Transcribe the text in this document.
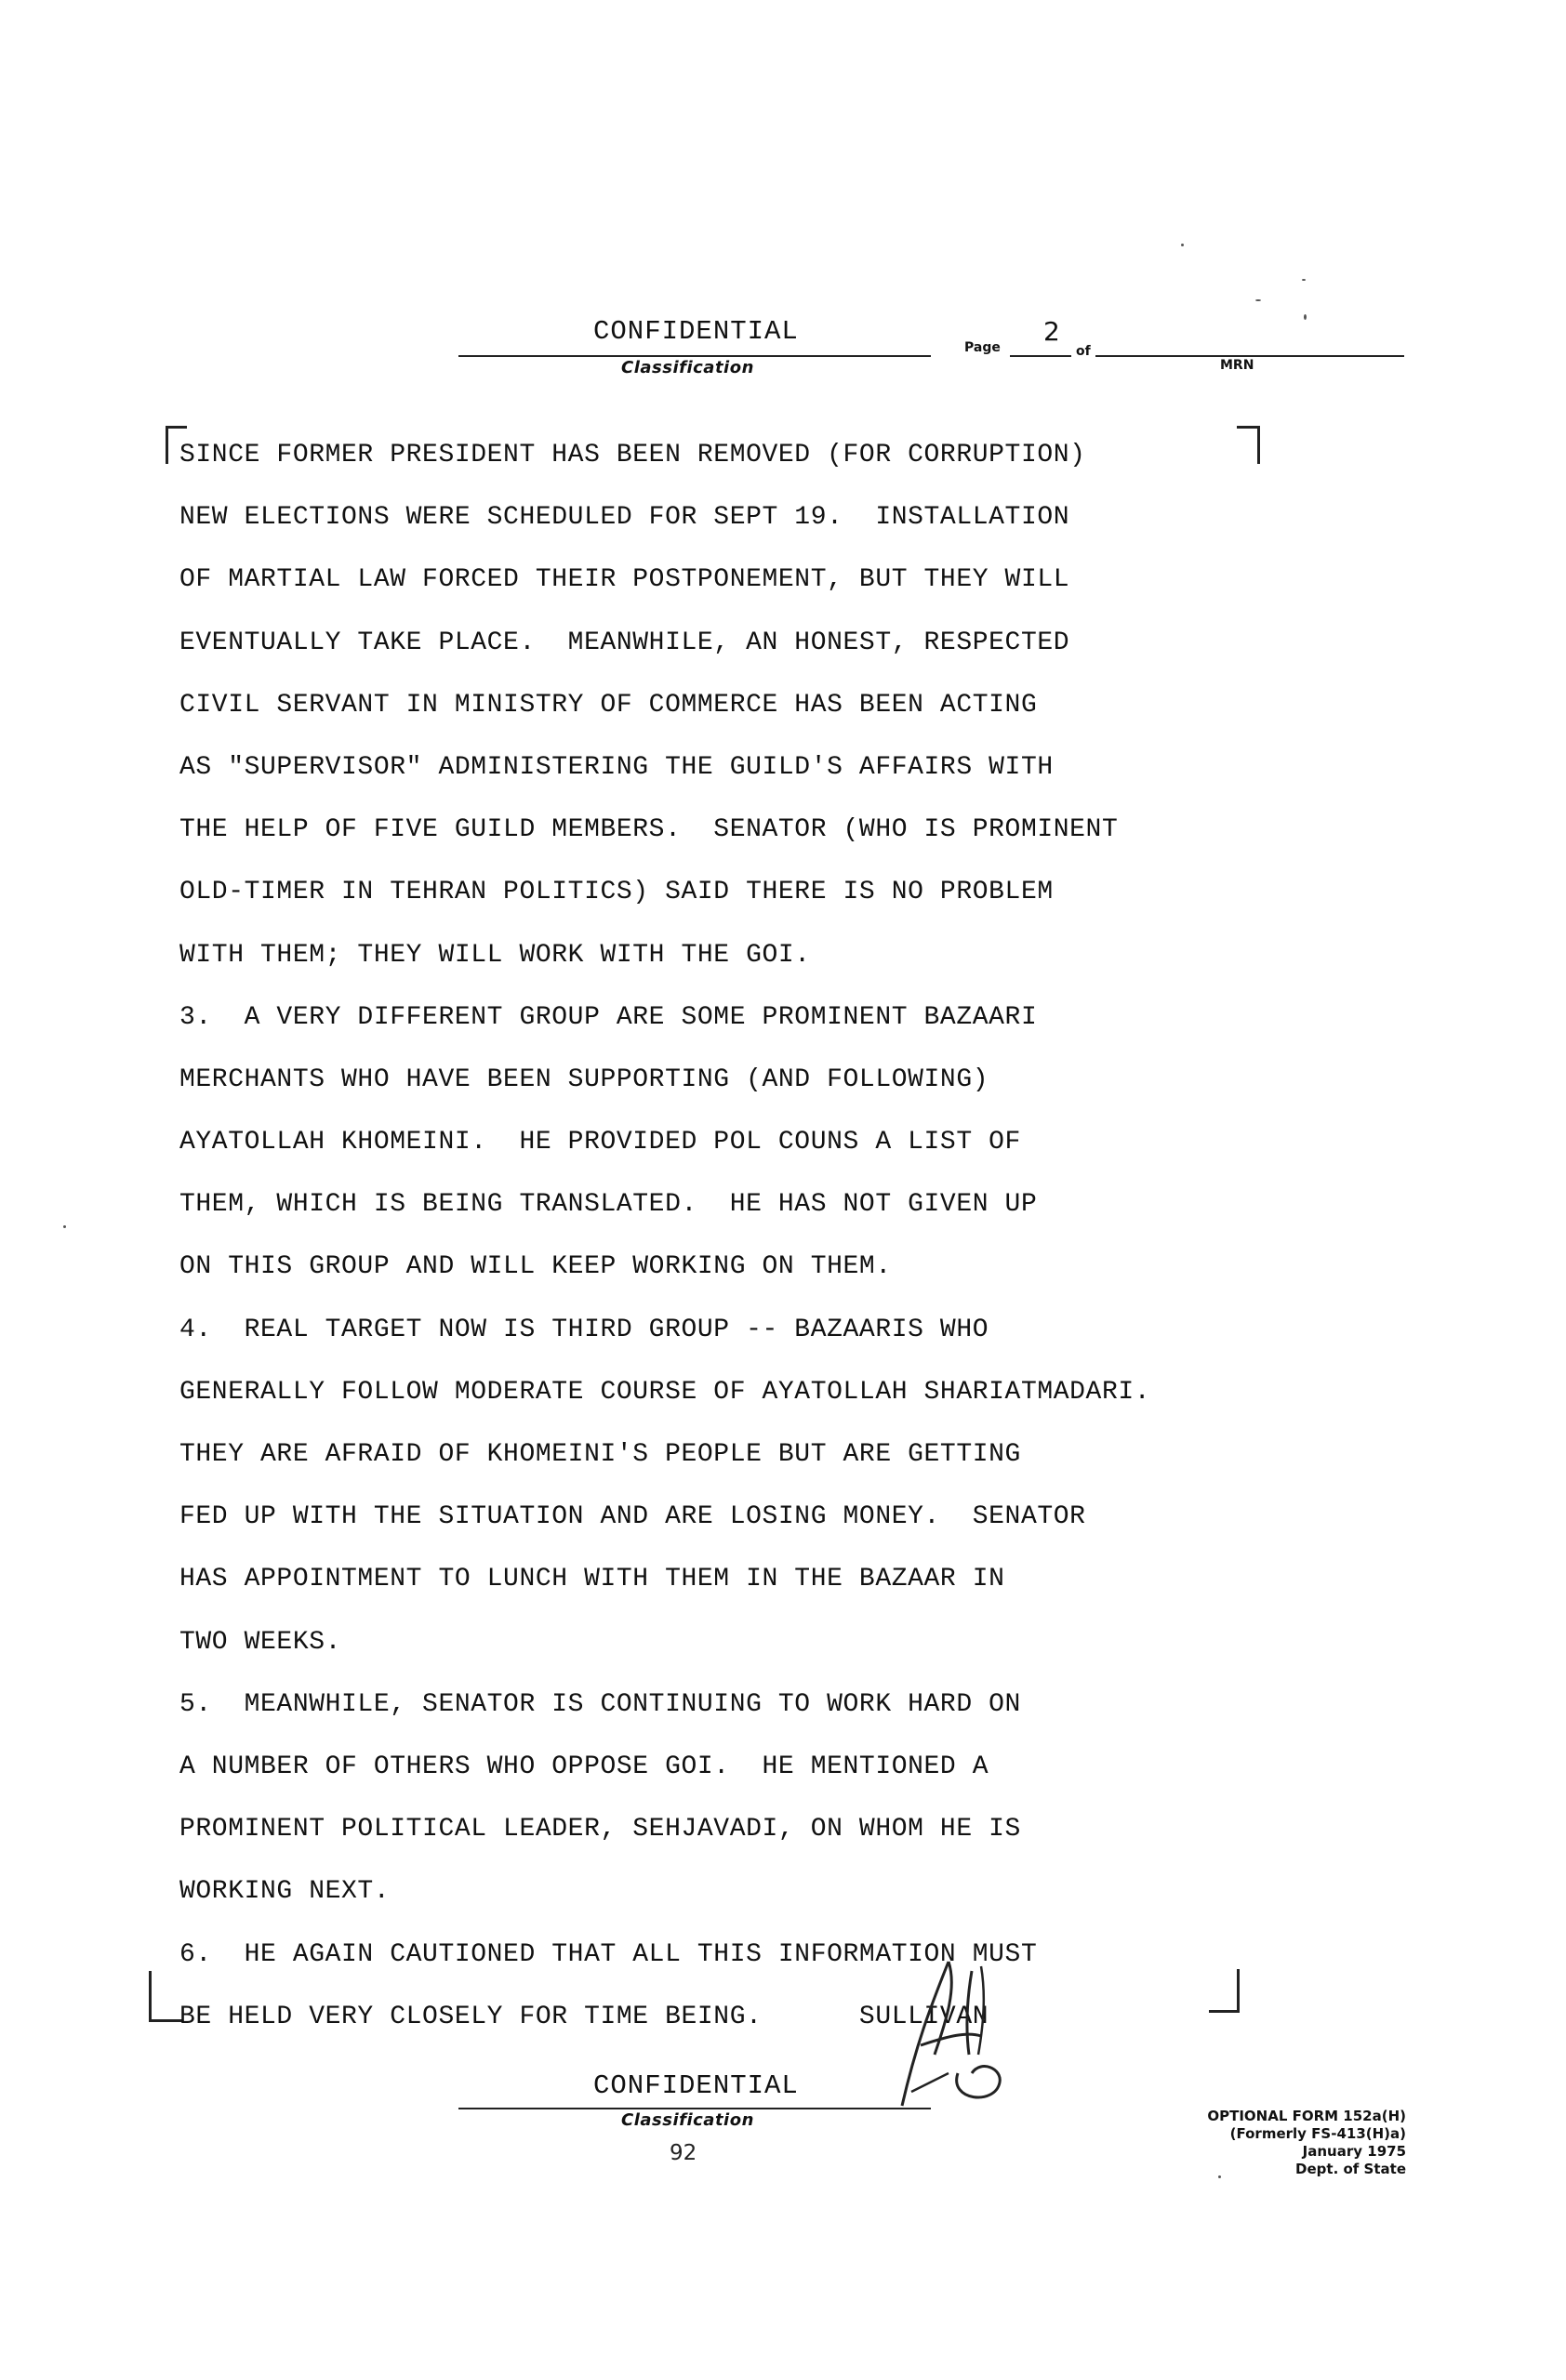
CONFIDENTIAL
Classification
Page
2
of
MRN
SINCE FORMER PRESIDENT HAS BEEN REMOVED (FOR CORRUPTION)
NEW ELECTIONS WERE SCHEDULED FOR SEPT 19.  INSTALLATION
OF MARTIAL LAW FORCED THEIR POSTPONEMENT, BUT THEY WILL
EVENTUALLY TAKE PLACE.  MEANWHILE, AN HONEST, RESPECTED
CIVIL SERVANT IN MINISTRY OF COMMERCE HAS BEEN ACTING
AS "SUPERVISOR" ADMINISTERING THE GUILD'S AFFAIRS WITH
THE HELP OF FIVE GUILD MEMBERS.  SENATOR (WHO IS PROMINENT
OLD-TIMER IN TEHRAN POLITICS) SAID THERE IS NO PROBLEM
WITH THEM; THEY WILL WORK WITH THE GOI.
3.  A VERY DIFFERENT GROUP ARE SOME PROMINENT BAZAARI
MERCHANTS WHO HAVE BEEN SUPPORTING (AND FOLLOWING)
AYATOLLAH KHOMEINI.  HE PROVIDED POL COUNS A LIST OF
THEM, WHICH IS BEING TRANSLATED.  HE HAS NOT GIVEN UP
ON THIS GROUP AND WILL KEEP WORKING ON THEM.
4.  REAL TARGET NOW IS THIRD GROUP -- BAZAARIS WHO
GENERALLY FOLLOW MODERATE COURSE OF AYATOLLAH SHARIATMADARI.
THEY ARE AFRAID OF KHOMEINI'S PEOPLE BUT ARE GETTING
FED UP WITH THE SITUATION AND ARE LOSING MONEY.  SENATOR
HAS APPOINTMENT TO LUNCH WITH THEM IN THE BAZAAR IN
TWO WEEKS.
5.  MEANWHILE, SENATOR IS CONTINUING TO WORK HARD ON
A NUMBER OF OTHERS WHO OPPOSE GOI.  HE MENTIONED A
PROMINENT POLITICAL LEADER, SEHJAVADI, ON WHOM HE IS
WORKING NEXT.
6.  HE AGAIN CAUTIONED THAT ALL THIS INFORMATION MUST
BE HELD VERY CLOSELY FOR TIME BEING.      SULLIVAN
CONFIDENTIAL
Classification
92
OPTIONAL FORM 152a(H)
(Formerly FS-413(H)a)
January 1975
Dept. of State
